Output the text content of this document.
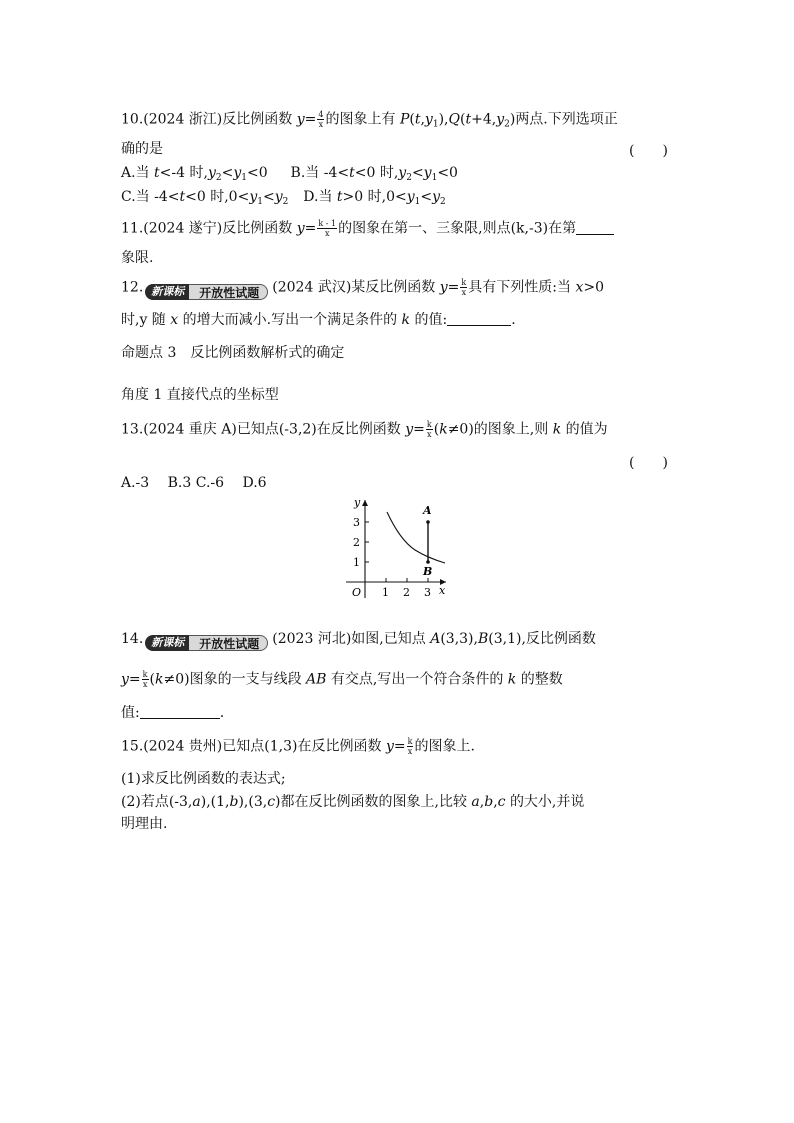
10.(2024 浙江)反比例函数 $y= \frac{4}{x}$ 的图象上有 $P(t,y_1),Q(t+4,y_2)$两点.下列选项正
确的是	(　　)
A.当 t<-4 时$,y_2<y_1<0$  B.当 -4<t<0 时$,y_2<y_1<0$
C.当 -4<t<0 时$,0<y_1<y_2$ D.当 t>0 时$,0<y_1<y_2$
11.(2024 遂宁)反比例函数 $y= \frac{k - 1}{x}$ 的图象在第一、三象限,则点(k,-3)在第
象限.
12. 新课标	开放性试题 (2024 武汉)某反比例函数 $y= \frac{k}{x}$ 具有下列性质:当 x>0
时,y 随 x 的增大而减小.写出一个满足条件的 k 的值:	.
命题点 3　反比例函数解析式的确定
角度 1 直接代点的坐标型
13.(2024 重庆 A)已知点(-3,2)在反比例函数 $y= \frac{k}{x} (k\ne 0)$的图象上,则 k 的值为
(　　)
A.-3　 B.3 C.-6　 D.6
y
x
O 1 2 3
1
2
3
A
B
14. 新课标	开放性试题 (2023 河北)如图,已知点 A(3,3),B(3,1),反比例函数
$y= \frac{k}{x} (k\ne 0)$图象的一支与线段 AB 有交点,写出一个符合条件的 k 的整数
值:	.
15.(2024 贵州)已知点(1,3)在反比例函数 $y= \frac{k}{x}$ 的图象上.
(1)求反比例函数的表达式;
(2)若点(-3,a),(1,b),(3,c)都在反比例函数的图象上,比较 a,b,c 的大小,并说
明理由.
